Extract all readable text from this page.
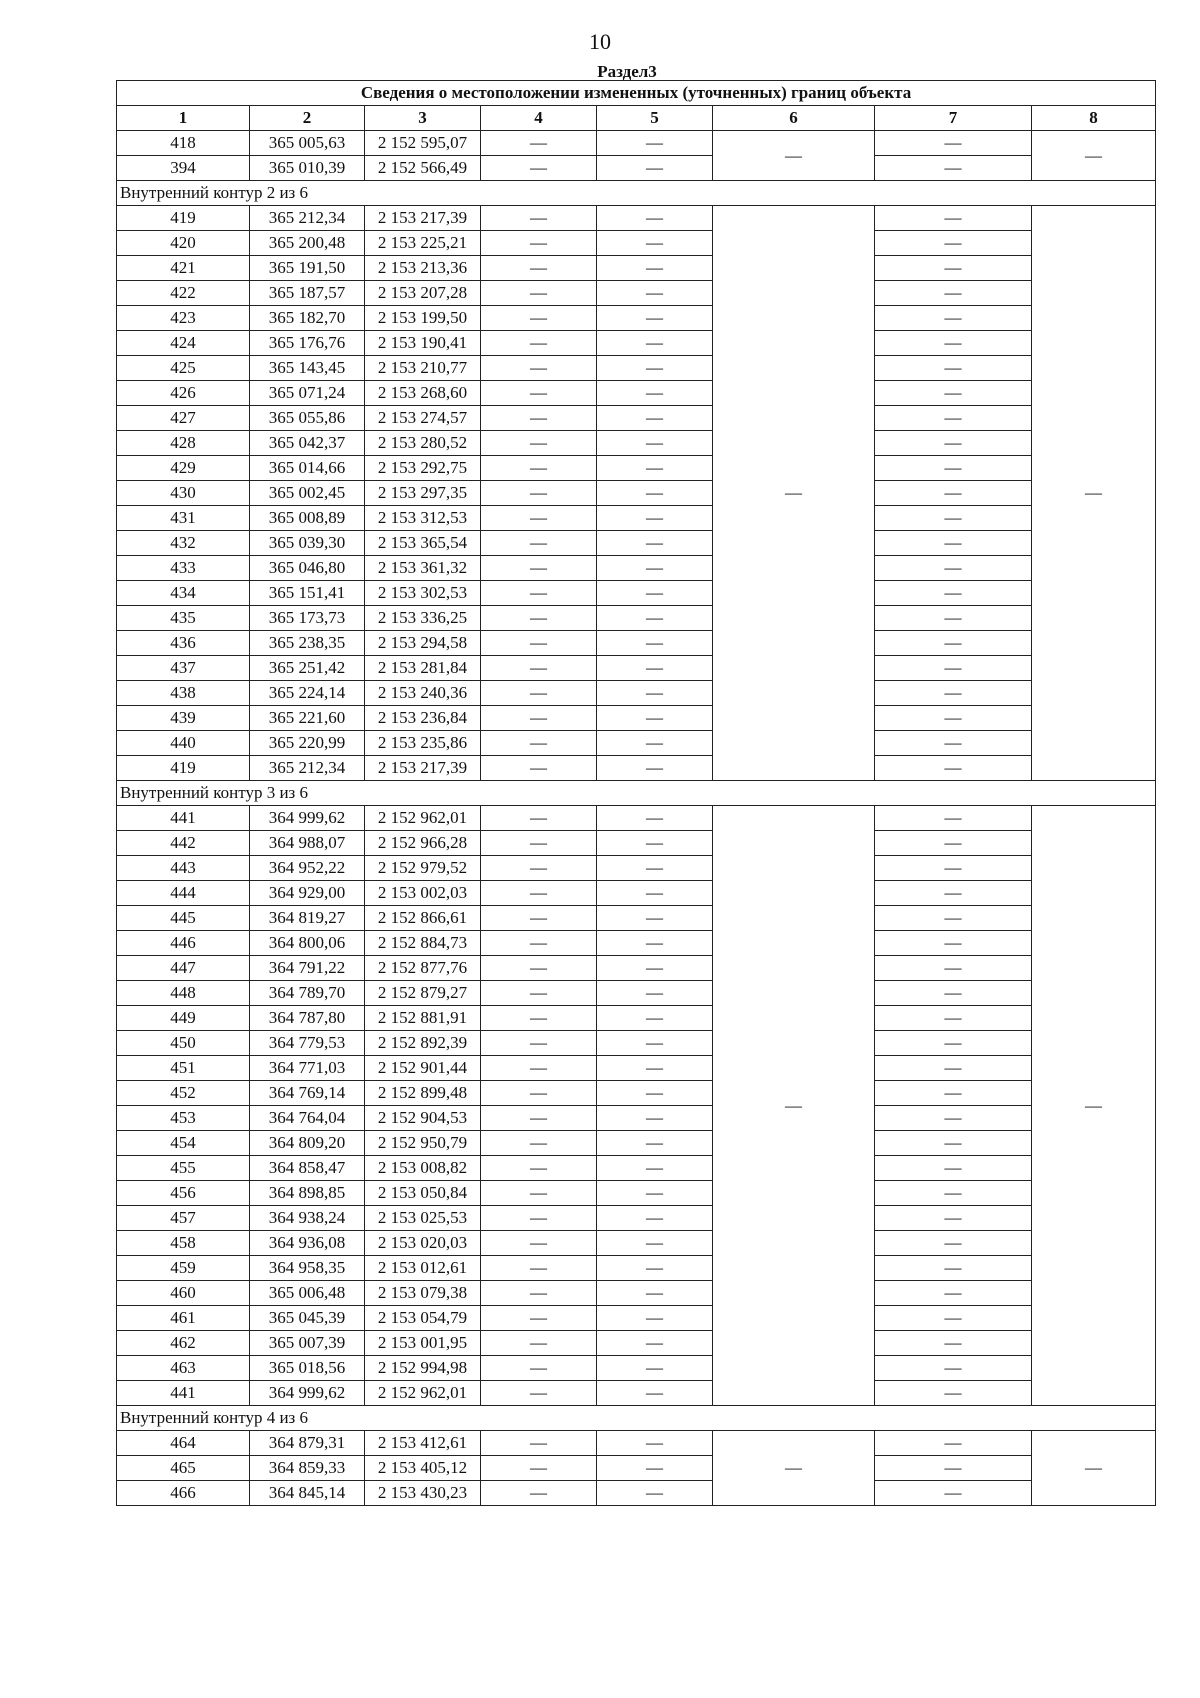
10
Раздел3
Сведения о местоположении измененных (уточненных) границ объекта							
1	2	3	4	5	6	7	8
418	365 005,63	2 152 595,07	—	—	—	—	—
394	365 010,39	2 152 566,49	—	—		—	
Внутренний контур 2 из 6							
419	365 212,34	2 153 217,39	—	—	—	—	—
420	365 200,48	2 153 225,21	—	—		—	
421	365 191,50	2 153 213,36	—	—		—	
422	365 187,57	2 153 207,28	—	—		—	
423	365 182,70	2 153 199,50	—	—		—	
424	365 176,76	2 153 190,41	—	—		—	
425	365 143,45	2 153 210,77	—	—		—	
426	365 071,24	2 153 268,60	—	—		—	
427	365 055,86	2 153 274,57	—	—		—	
428	365 042,37	2 153 280,52	—	—		—	
429	365 014,66	2 153 292,75	—	—		—	
430	365 002,45	2 153 297,35	—	—		—	
431	365 008,89	2 153 312,53	—	—		—	
432	365 039,30	2 153 365,54	—	—		—	
433	365 046,80	2 153 361,32	—	—		—	
434	365 151,41	2 153 302,53	—	—		—	
435	365 173,73	2 153 336,25	—	—		—	
436	365 238,35	2 153 294,58	—	—		—	
437	365 251,42	2 153 281,84	—	—		—	
438	365 224,14	2 153 240,36	—	—		—	
439	365 221,60	2 153 236,84	—	—		—	
440	365 220,99	2 153 235,86	—	—		—	
419	365 212,34	2 153 217,39	—	—		—	
Внутренний контур 3 из 6							
441	364 999,62	2 152 962,01	—	—	—	—	—
442	364 988,07	2 152 966,28	—	—		—	
443	364 952,22	2 152 979,52	—	—		—	
444	364 929,00	2 153 002,03	—	—		—	
445	364 819,27	2 152 866,61	—	—		—	
446	364 800,06	2 152 884,73	—	—		—	
447	364 791,22	2 152 877,76	—	—		—	
448	364 789,70	2 152 879,27	—	—		—	
449	364 787,80	2 152 881,91	—	—		—	
450	364 779,53	2 152 892,39	—	—		—	
451	364 771,03	2 152 901,44	—	—		—	
452	364 769,14	2 152 899,48	—	—		—	
453	364 764,04	2 152 904,53	—	—		—	
454	364 809,20	2 152 950,79	—	—		—	
455	364 858,47	2 153 008,82	—	—		—	
456	364 898,85	2 153 050,84	—	—		—	
457	364 938,24	2 153 025,53	—	—		—	
458	364 936,08	2 153 020,03	—	—		—	
459	364 958,35	2 153 012,61	—	—		—	
460	365 006,48	2 153 079,38	—	—		—	
461	365 045,39	2 153 054,79	—	—		—	
462	365 007,39	2 153 001,95	—	—		—	
463	365 018,56	2 152 994,98	—	—		—	
441	364 999,62	2 152 962,01	—	—		—	
Внутренний контур 4 из 6							
464	364 879,31	2 153 412,61	—	—	—	—	—
465	364 859,33	2 153 405,12	—	—		—	
466	364 845,14	2 153 430,23	—	—		—	
